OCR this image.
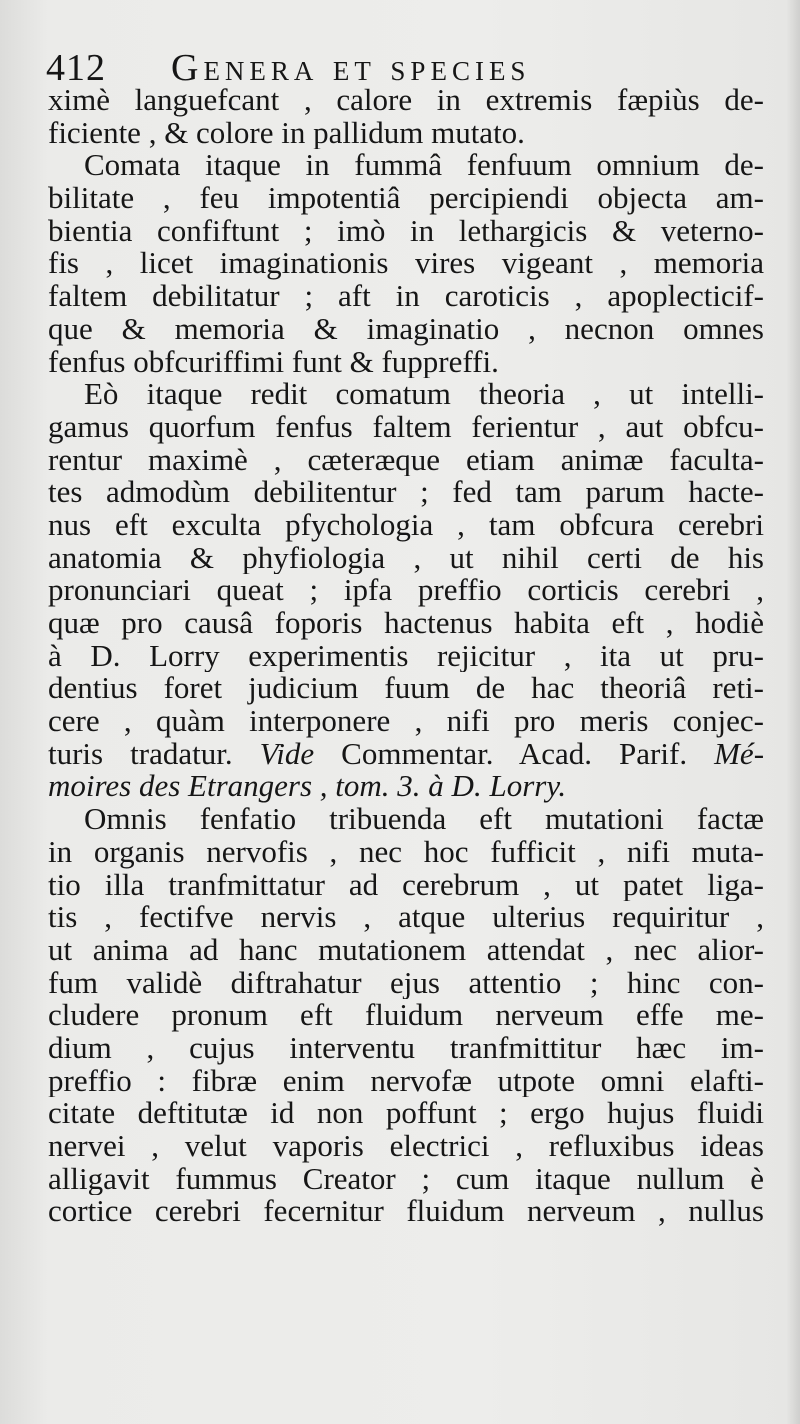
412 Genera et species
ximè languefcant , calore in extremis fæpiùs de-
ficiente , & colore in pallidum mutato.
Comata itaque in fummâ fenfuum omnium de-
bilitate , feu impotentiâ percipiendi objecta am-
bientia confiftunt ; imò in lethargicis & veterno-
fis , licet imaginationis vires vigeant , memoria
faltem debilitatur ; aft in caroticis , apoplecticif-
que & memoria & imaginatio , necnon omnes
fenfus obfcuriffimi funt & fuppreffi.
Eò itaque redit comatum theoria , ut intelli-
gamus quorfum fenfus faltem ferientur , aut obfcu-
rentur maximè , cæteræque etiam animæ faculta-
tes admodùm debilitentur ; fed tam parum hacte-
nus eft exculta pfychologia , tam obfcura cerebri
anatomia & phyfiologia , ut nihil certi de his
pronunciari queat ; ipfa preffio corticis cerebri ,
quæ pro causâ foporis hactenus habita eft , hodiè
à D. Lorry experimentis rejicitur , ita ut pru-
dentius foret judicium fuum de hac theoriâ reti-
cere , quàm interponere , nifi pro meris conjec-
turis tradatur. Vide Commentar. Acad. Parif. Mé-
moires des Etrangers , tom. 3. à D. Lorry.
Omnis fenfatio tribuenda eft mutationi factæ
in organis nervofis , nec hoc fufficit , nifi muta-
tio illa tranfmittatur ad cerebrum , ut patet liga-
tis , fectifve nervis , atque ulterius requiritur ,
ut anima ad hanc mutationem attendat , nec alior-
fum validè diftrahatur ejus attentio ; hinc con-
cludere pronum eft fluidum nerveum effe me-
dium , cujus interventu tranfmittitur hæc im-
preffio : fibræ enim nervofæ utpote omni elafti-
citate deftitutæ id non poffunt ; ergo hujus fluidi
nervei , velut vaporis electrici , refluxibus ideas
alligavit fummus Creator ; cum itaque nullum è
cortice cerebri fecernitur fluidum nerveum , nullus
